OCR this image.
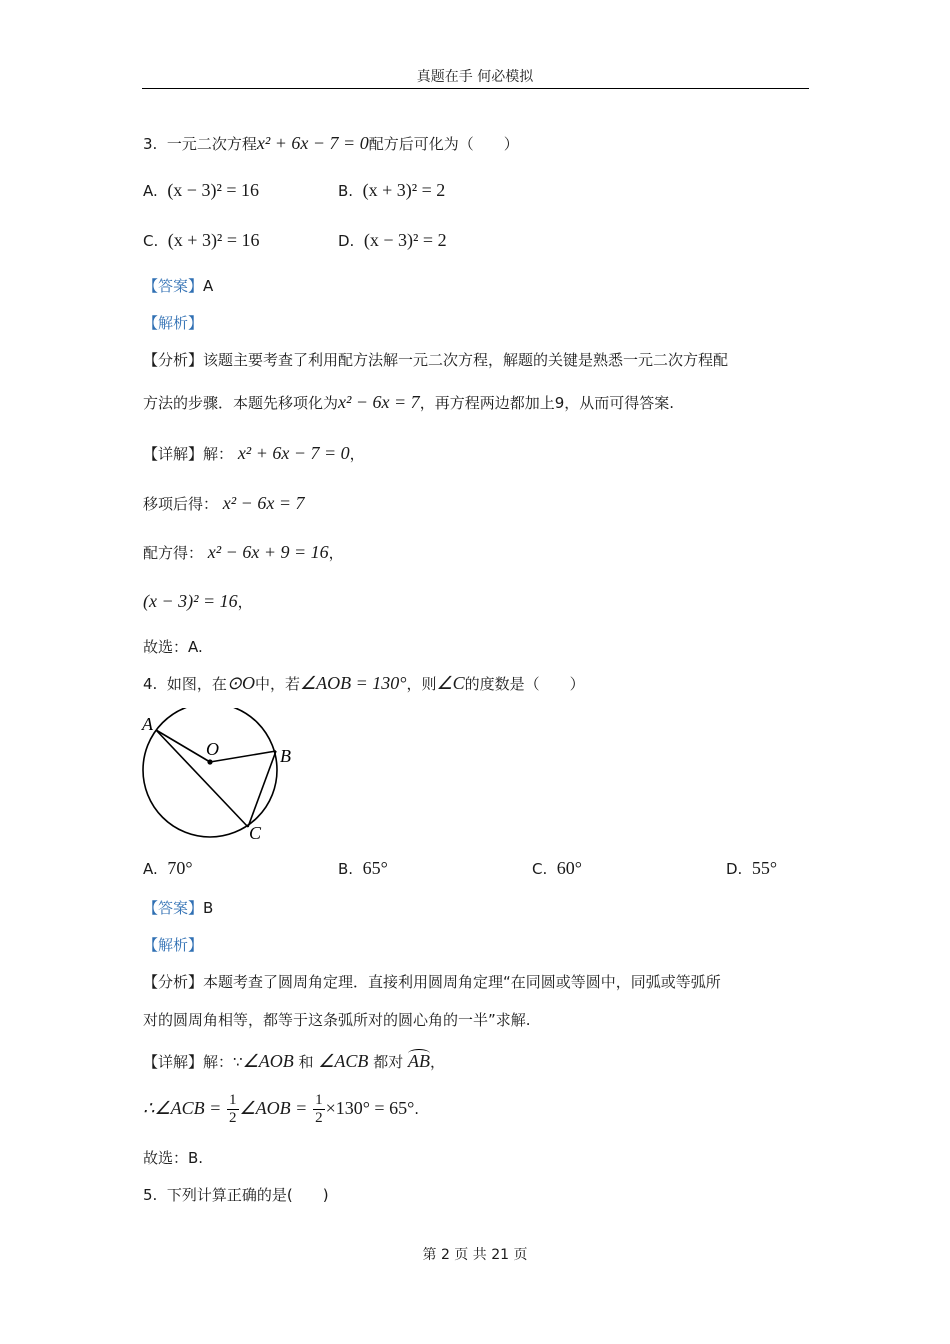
真题在手 何必模拟
3. 一元二次方程x² + 6x − 7 = 0配方后可化为（　　）
A. (x − 3)² = 16	B. (x + 3)² = 2
C. (x + 3)² = 16	D. (x − 3)² = 2
【答案】A
【解析】
【分析】该题主要考查了利用配方法解一元二次方程，解题的关键是熟悉一元二次方程配
方法的步骤．本题先移项化为x² − 6x = 7，再方程两边都加上9，从而可得答案.
【详解】解： x² + 6x − 7 = 0，
移项后得： x² − 6x = 7
配方得： x² − 6x + 9 = 16，
(x − 3)² = 16，
故选：A.
4. 如图，在⊙O中，若∠AOB = 130°，则∠C的度数是（　　）
A
O	B
C
A. 70°	B. 65°	C. 60°	D. 55°
【答案】B
【解析】
【分析】本题考查了圆周角定理．直接利用圆周角定理“在同圆或等圆中，同弧或等弧所
对的圆周角相等，都等于这条弧所对的圆心角的一半”求解.
【详解】解：∵∠AOB 和 ∠ACB 都对 AB，
∴∠ACB = $\frac{1}{2}$ ∠AOB = $\frac{1}{2} \times 130^\circ = 65^\circ$.
故选：B.
5. 下列计算正确的是(　　)
第 2 页 共 21 页
